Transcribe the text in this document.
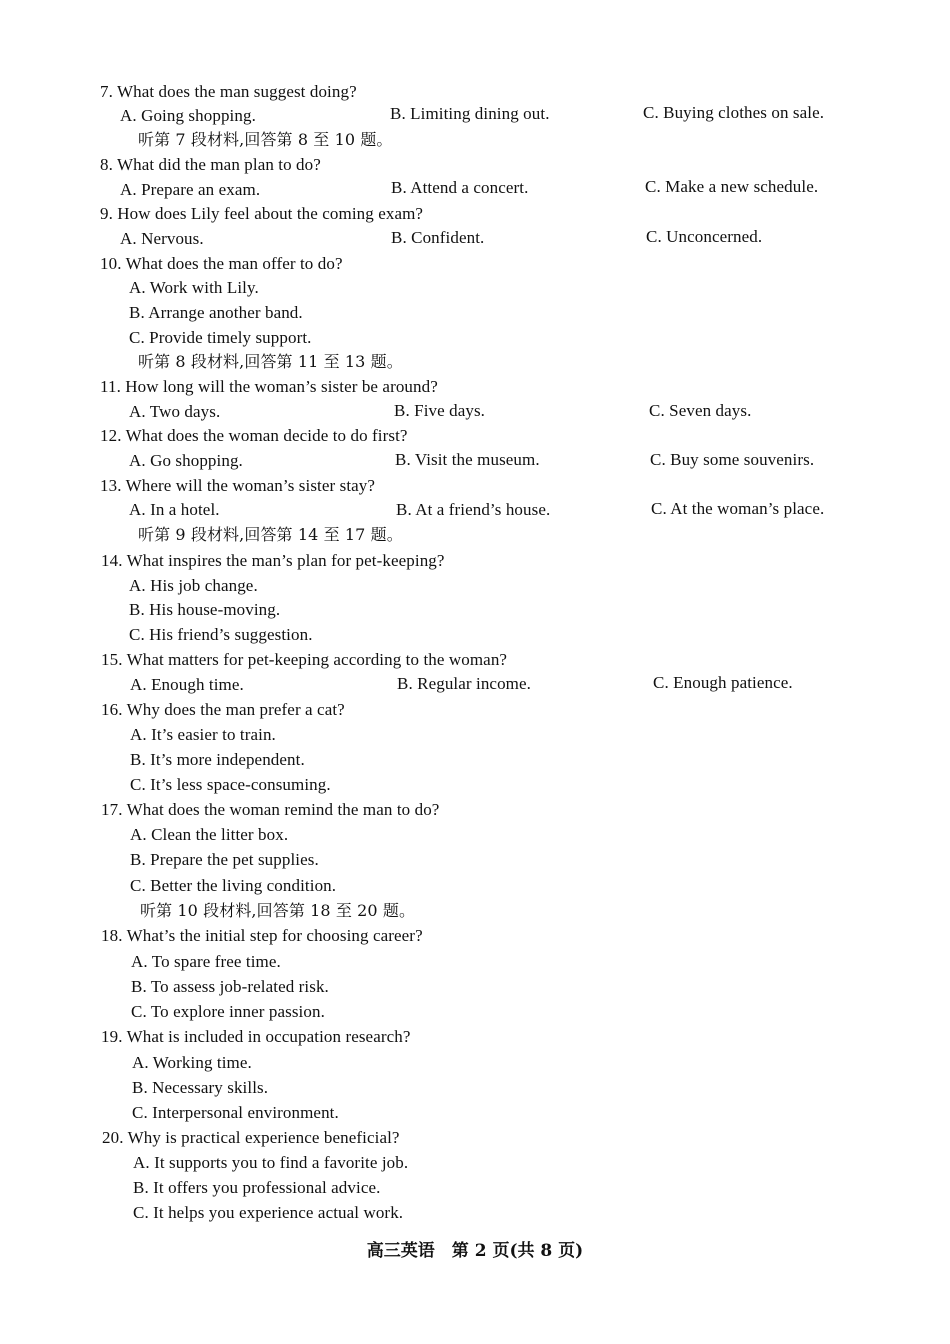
7. What does the man suggest doing?
A. Going shopping.	B. Limiting dining out.	C. Buying clothes on sale.
听第 7 段材料,回答第 8 至 10 题。
8. What did the man plan to do?
A. Prepare an exam.	B. Attend a concert.	C. Make a new schedule.
9. How does Lily feel about the coming exam?
A. Nervous.	B. Confident.	C. Unconcerned.
10. What does the man offer to do?
A. Work with Lily.
B. Arrange another band.
C. Provide timely support.
听第 8 段材料,回答第 11 至 13 题。
11. How long will the woman’s sister be around?
A. Two days.	B. Five days.	C. Seven days.
12. What does the woman decide to do first?
A. Go shopping.	B. Visit the museum.	C. Buy some souvenirs.
13. Where will the woman’s sister stay?
A. In a hotel.	B. At a friend’s house.	C. At the woman’s place.
听第 9 段材料,回答第 14 至 17 题。
14. What inspires the man’s plan for pet-keeping?
A. His job change.
B. His house-moving.
C. His friend’s suggestion.
15. What matters for pet-keeping according to the woman?
A. Enough time.	B. Regular income.	C. Enough patience.
16. Why does the man prefer a cat?
A. It’s easier to train.
B. It’s more independent.
C. It’s less space-consuming.
17. What does the woman remind the man to do?
A. Clean the litter box.
B. Prepare the pet supplies.
C. Better the living condition.
听第 10 段材料,回答第 18 至 20 题。
18. What’s the initial step for choosing career?
A. To spare free time.
B. To assess job-related risk.
C. To explore inner passion.
19. What is included in occupation research?
A. Working time.
B. Necessary skills.
C. Interpersonal environment.
20. Why is practical experience beneficial?
A. It supports you to find a favorite job.
B. It offers you professional advice.
C. It helps you experience actual work.
高三英语　第 2 页(共 8 页)
